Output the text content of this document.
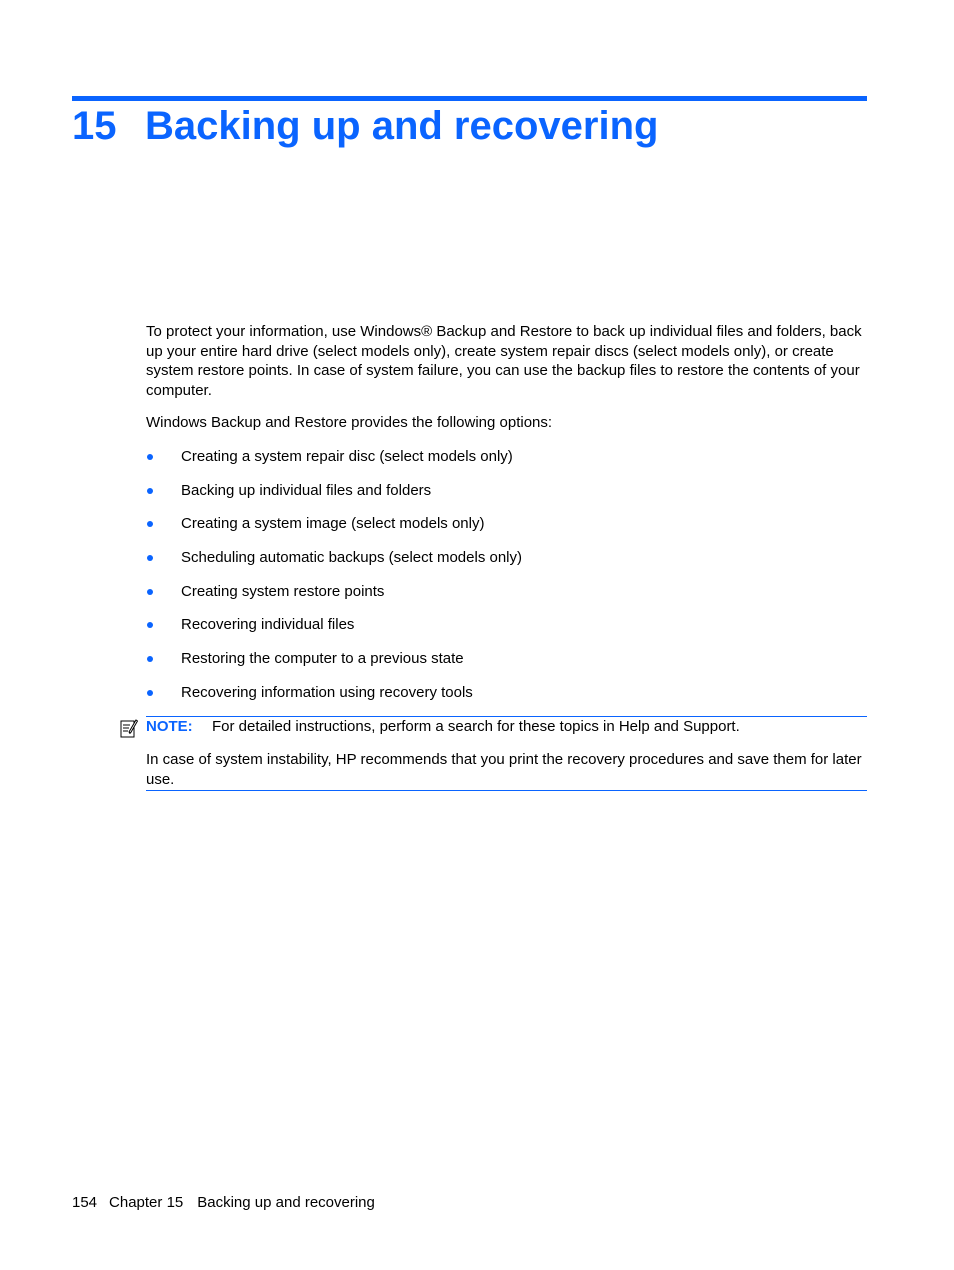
15 Backing up and recovering

To protect your information, use Windows® Backup and Restore to back up individual files and folders, back up your entire hard drive (select models only), create system repair discs (select models only), or create system restore points. In case of system failure, you can use the backup files to restore the contents of your computer.

Windows Backup and Restore provides the following options:

Creating a system repair disc (select models only)
Backing up individual files and folders
Creating a system image (select models only)
Scheduling automatic backups (select models only)
Creating system restore points
Recovering individual files
Restoring the computer to a previous state
Recovering information using recovery tools
NOTE: For detailed instructions, perform a search for these topics in Help and Support.

In case of system instability, HP recommends that you print the recovery procedures and save them for later use.

154 Chapter 15 Backing up and recovering
